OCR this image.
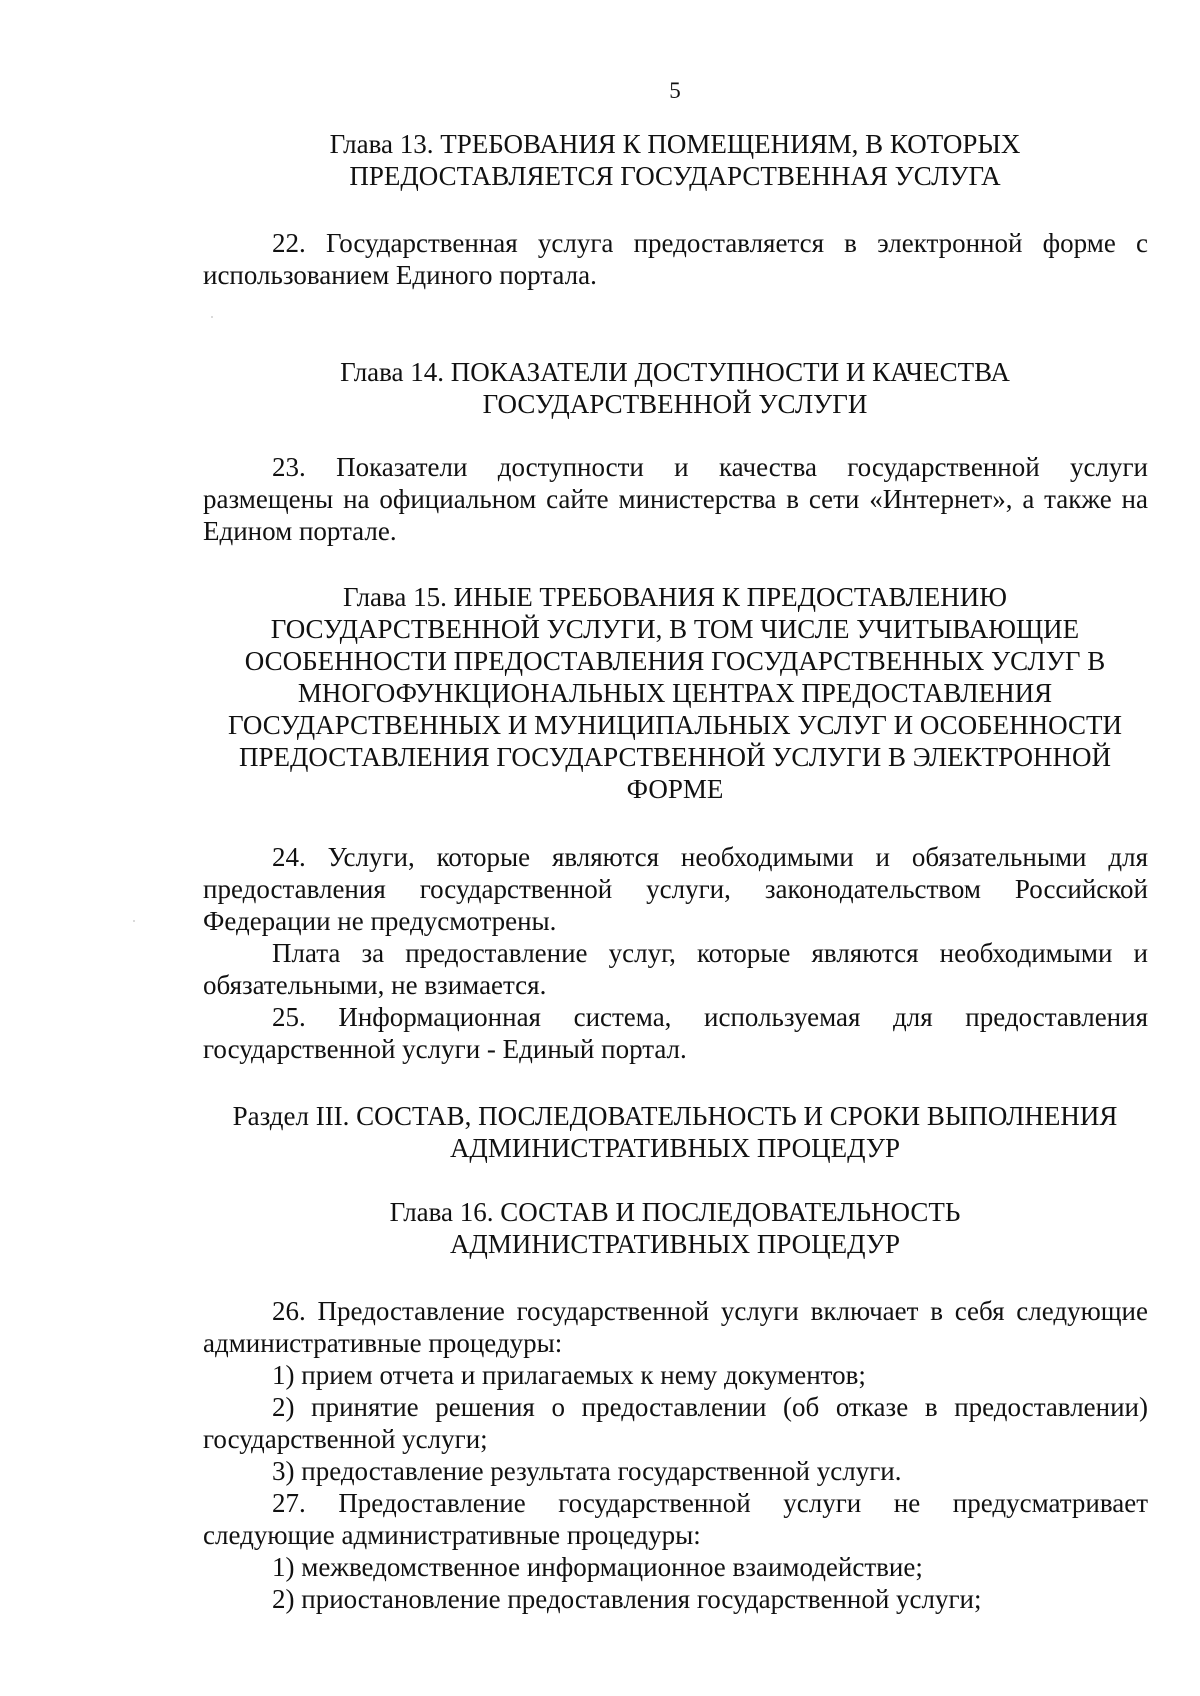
5
Глава 13. ТРЕБОВАНИЯ К ПОМЕЩЕНИЯМ, В КОТОРЫХ
ПРЕДОСТАВЛЯЕТСЯ ГОСУДАРСТВЕННАЯ УСЛУГА
22. Государственная услуга предоставляется в электронной форме с
использованием Единого портала.
Глава 14. ПОКАЗАТЕЛИ ДОСТУПНОСТИ И КАЧЕСТВА
ГОСУДАРСТВЕННОЙ УСЛУГИ
23. Показатели доступности и качества государственной услуги
размещены на официальном сайте министерства в сети «Интернет», а также на
Едином портале.
Глава 15. ИНЫЕ ТРЕБОВАНИЯ К ПРЕДОСТАВЛЕНИЮ
ГОСУДАРСТВЕННОЙ УСЛУГИ, В ТОМ ЧИСЛЕ УЧИТЫВАЮЩИЕ
ОСОБЕННОСТИ ПРЕДОСТАВЛЕНИЯ ГОСУДАРСТВЕННЫХ УСЛУГ В
МНОГОФУНКЦИОНАЛЬНЫХ ЦЕНТРАХ ПРЕДОСТАВЛЕНИЯ
ГОСУДАРСТВЕННЫХ И МУНИЦИПАЛЬНЫХ УСЛУГ И ОСОБЕННОСТИ
ПРЕДОСТАВЛЕНИЯ ГОСУДАРСТВЕННОЙ УСЛУГИ В ЭЛЕКТРОННОЙ
ФОРМЕ
24. Услуги, которые являются необходимыми и обязательными для
предоставления государственной услуги, законодательством Российской
Федерации не предусмотрены.
Плата за предоставление услуг, которые являются необходимыми и
обязательными, не взимается.
25. Информационная система, используемая для предоставления
государственной услуги - Единый портал.
Раздел III. СОСТАВ, ПОСЛЕДОВАТЕЛЬНОСТЬ И СРОКИ ВЫПОЛНЕНИЯ
АДМИНИСТРАТИВНЫХ ПРОЦЕДУР
Глава 16. СОСТАВ И ПОСЛЕДОВАТЕЛЬНОСТЬ
АДМИНИСТРАТИВНЫХ ПРОЦЕДУР
26. Предоставление государственной услуги включает в себя следующие
административные процедуры:
1) прием отчета и прилагаемых к нему документов;
2) принятие решения о предоставлении (об отказе в предоставлении)
государственной услуги;
3) предоставление результата государственной услуги.
27. Предоставление государственной услуги не предусматривает
следующие административные процедуры:
1) межведомственное информационное взаимодействие;
2) приостановление предоставления государственной услуги;
